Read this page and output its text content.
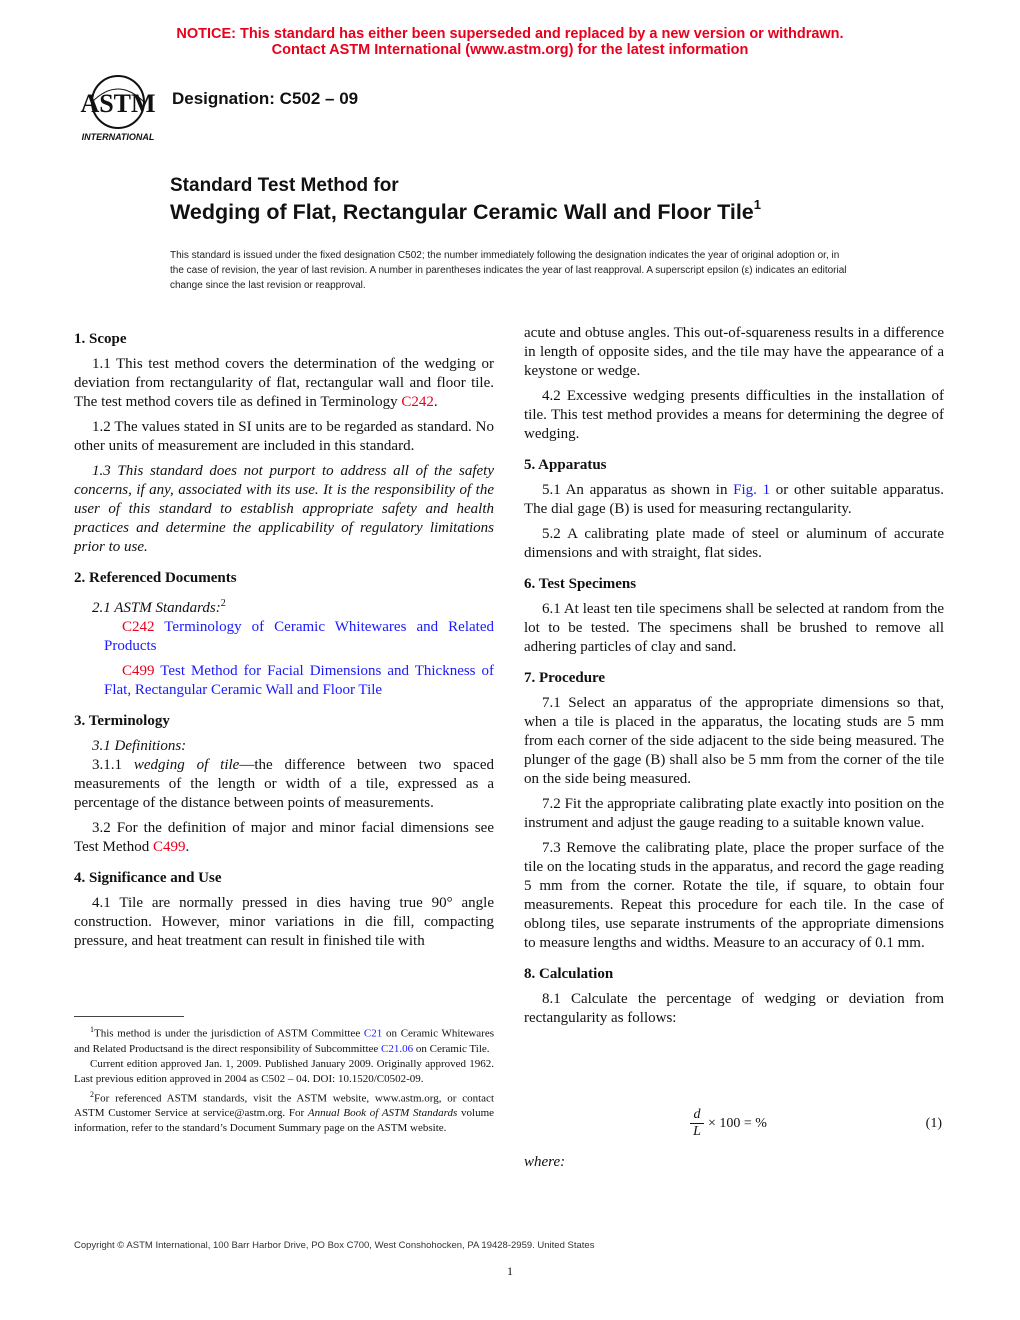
NOTICE: This standard has either been superseded and replaced by a new version or withdrawn.
Contact ASTM International (www.astm.org) for the latest information
ASTM
INTERNATIONAL
Designation: C502 – 09
Standard Test Method for
Wedging of Flat, Rectangular Ceramic Wall and Floor Tile$^1$
This standard is issued under the fixed designation C502; the number immediately following the designation indicates the year of original adoption or, in the case of revision, the year of last revision. A number in parentheses indicates the year of last reapproval. A superscript epsilon (ε) indicates an editorial change since the last revision or reapproval.
1. Scope

1.1 This test method covers the determination of the wedging or deviation from rectangularity of flat, rectangular wall and floor tile. The test method covers tile as defined in Terminology C242.

1.2 The values stated in SI units are to be regarded as standard. No other units of measurement are included in this standard.

1.3 This standard does not purport to address all of the safety concerns, if any, associated with its use. It is the responsibility of the user of this standard to establish appropriate safety and health practices and determine the applicability of regulatory limitations prior to use.

2. Referenced Documents

2.1 ASTM Standards:$^2$

C242 Terminology of Ceramic Whitewares and Related Products

C499 Test Method for Facial Dimensions and Thickness of Flat, Rectangular Ceramic Wall and Floor Tile

3. Terminology

3.1 Definitions:

3.1.1 wedging of tile—the difference between two spaced measurements of the length or width of a tile, expressed as a percentage of the distance between points of measurements.

3.2 For the definition of major and minor facial dimensions see Test Method C499.

4. Significance and Use

4.1 Tile are normally pressed in dies having true 90° angle construction. However, minor variations in die fill, compacting pressure, and heat treatment can result in finished tile with

$^1$This method is under the jurisdiction of ASTM Committee C21 on Ceramic Whitewares and Related Productsand is the direct responsibility of Subcommittee C21.06 on Ceramic Tile.

Current edition approved Jan. 1, 2009. Published January 2009. Originally approved 1962. Last previous edition approved in 2004 as C502 – 04. DOI: 10.1520/C0502-09.

$^2$For referenced ASTM standards, visit the ASTM website, www.astm.org, or contact ASTM Customer Service at service@astm.org. For Annual Book of ASTM Standards volume information, refer to the standard’s Document Summary page on the ASTM website.

acute and obtuse angles. This out-of-squareness results in a difference in length of opposite sides, and the tile may have the appearance of a keystone or wedge.

4.2 Excessive wedging presents difficulties in the installation of tile. This test method provides a means for determining the degree of wedging.

5. Apparatus

5.1 An apparatus as shown in Fig. 1 or other suitable apparatus. The dial gage (B) is used for measuring rectangularity.

5.2 A calibrating plate made of steel or aluminum of accurate dimensions and with straight, flat sides.

6. Test Specimens

6.1 At least ten tile specimens shall be selected at random from the lot to be tested. The specimens shall be brushed to remove all adhering particles of clay and sand.

7. Procedure

7.1 Select an apparatus of the appropriate dimensions so that, when a tile is placed in the apparatus, the locating studs are 5 mm from each corner of the side adjacent to the side being measured. The plunger of the gage (B) shall also be 5 mm from the corner of the tile on the side being measured.

7.2 Fit the appropriate calibrating plate exactly into position on the instrument and adjust the gauge reading to a suitable known value.

7.3 Remove the calibrating plate, place the proper surface of the tile on the locating studs in the apparatus, and record the gage reading 5 mm from the corner. Rotate the tile, if square, to obtain four measurements. Repeat this procedure for each tile. In the case of oblong tiles, use separate instruments of the appropriate dimensions to measure lengths and widths. Measure to an accuracy of 0.1 mm.

8. Calculation

8.1 Calculate the percentage of wedging or deviation from rectangularity as follows:

$\frac{d}{L} \times 100$ = %	(1)
where:
Copyright © ASTM International, 100 Barr Harbor Drive, PO Box C700, West Conshohocken, PA 19428-2959. United States
1
